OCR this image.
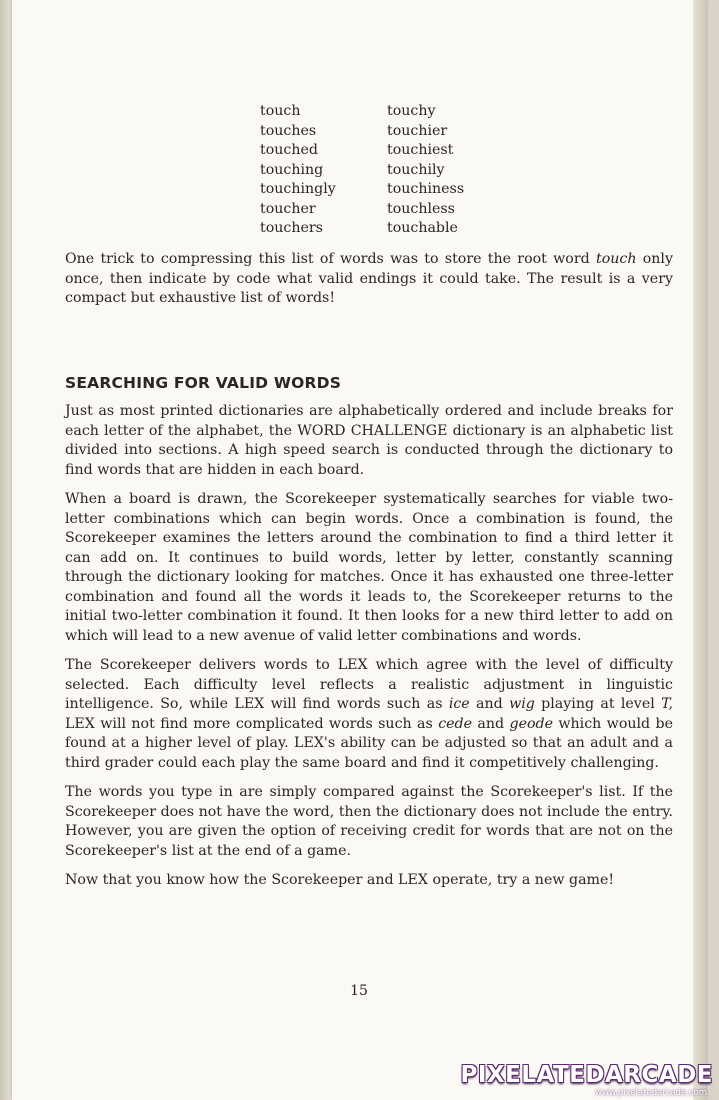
touch	touchy
touches	touchier
touched	touchiest
touching	touchily
touchingly	touchiness
toucher	touchless
touchers	touchable

One trick to compressing this list of words was to store the root word touch only once, then indicate by code what valid endings it could take. The result is a very compact but exhaustive list of words!

SEARCHING FOR VALID WORDS

Just as most printed dictionaries are alphabetically ordered and include breaks for each letter of the alphabet, the WORD CHALLENGE dictionary is an alphabetic list divided into sections. A high speed search is conducted through the dictionary to find words that are hidden in each board.

When a board is drawn, the Scorekeeper systematically searches for viable two-letter combinations which can begin words. Once a combination is found, the Scorekeeper examines the letters around the combination to find a third letter it can add on. It continues to build words, letter by letter, constantly scanning through the dictionary looking for matches. Once it has exhausted one three-letter combination and found all the words it leads to, the Scorekeeper returns to the initial two-letter combination it found. It then looks for a new third letter to add on which will lead to a new avenue of valid letter combinations and words.

The Scorekeeper delivers words to LEX which agree with the level of difficulty selected. Each difficulty level reflects a realistic adjustment in linguistic intelligence. So, while LEX will find words such as ice and wig playing at level T, LEX will not find more complicated words such as cede and geode which would be found at a higher level of play. LEX's ability can be adjusted so that an adult and a third grader could each play the same board and find it competitively challenging.

The words you type in are simply compared against the Scorekeeper's list. If the Scorekeeper does not have the word, then the dictionary does not include the entry. However, you are given the option of receiving credit for words that are not on the Scorekeeper's list at the end of a game.

Now that you know how the Scorekeeper and LEX operate, try a new game!

15
PIXELATEDARCADE
www.pixelatedarcade.com
